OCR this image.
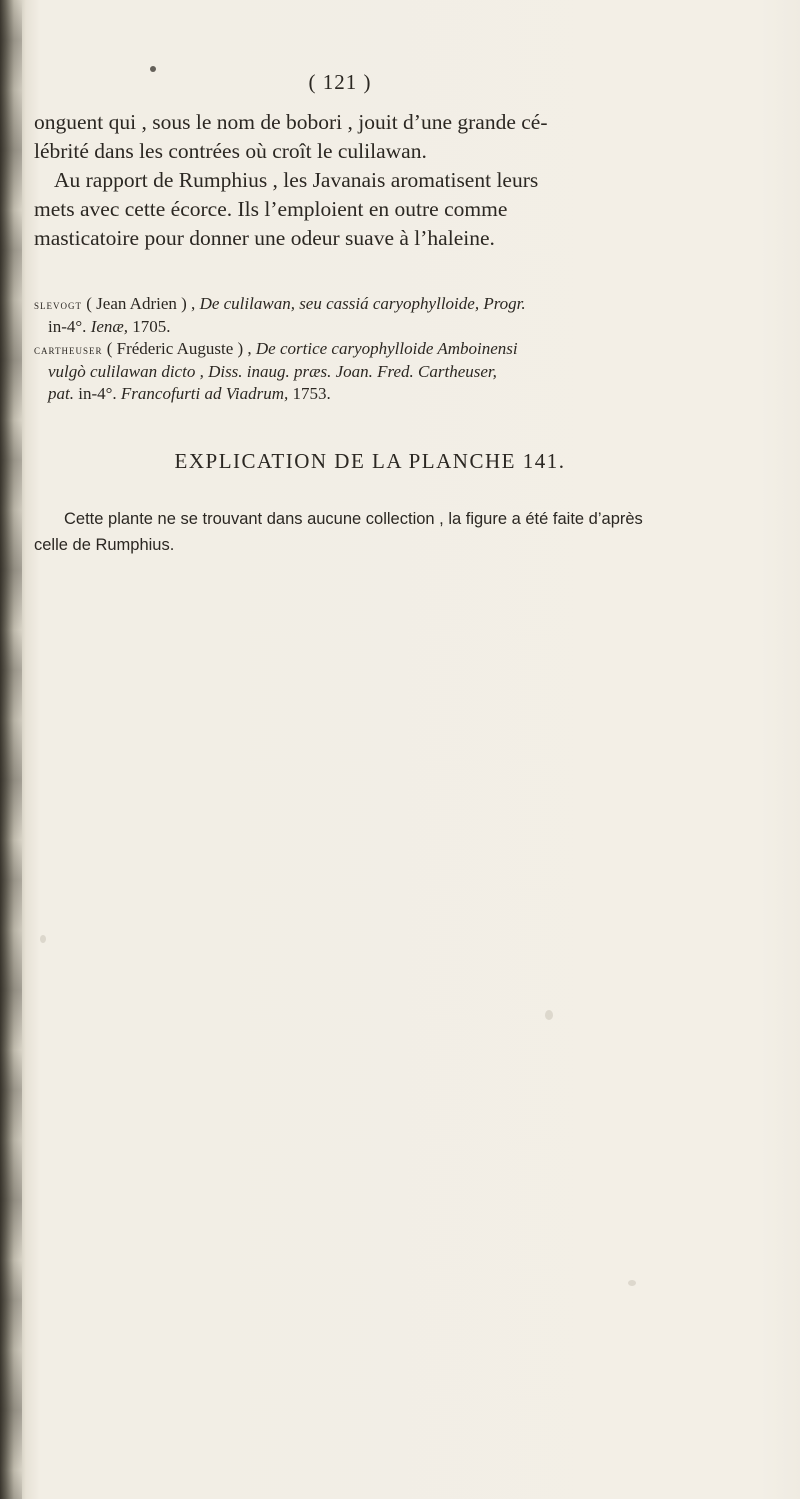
( 121 )
onguent qui , sous le nom de bobori , jouit d’une grande cé-
lébrité dans les contrées où croît le culilawan.
Au rapport de Rumphius , les Javanais aromatisent leurs
mets avec cette écorce. Ils l’emploient en outre comme
masticatoire pour donner une odeur suave à l’haleine.
slevogt ( Jean Adrien ) , De culilawan, seu cassiá caryophylloide, Progr.
in-4°. Ienæ, 1705.
cartheuser ( Fréderic Auguste ) , De cortice caryophylloide Amboinensi
vulgò culilawan dicto , Diss. inaug. præs. Joan. Fred. Cartheuser,
pat. in-4°. Francofurti ad Viadrum, 1753.
EXPLICATION DE LA PLANCHE 141.
Cette plante ne se trouvant dans aucune collection , la figure a été faite d’après
celle de Rumphius.
